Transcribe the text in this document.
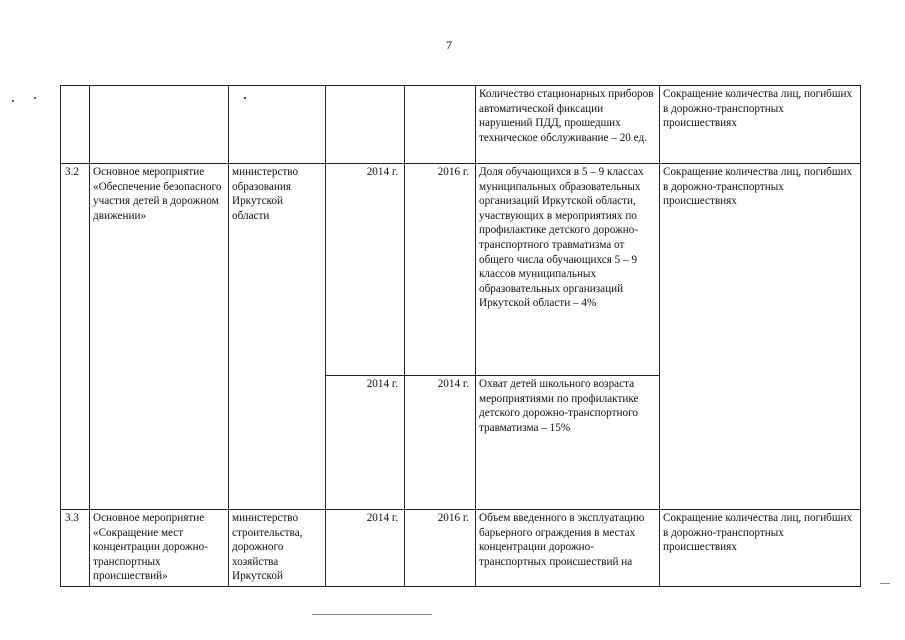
7
					Количество стационарных приборов автоматической фиксации нарушений ПДД, прошедших техническое обслуживание – 20 ед.	Сокращение количества лиц, погибших в дорожно-транспортных происшествиях
3.2	Основное мероприятие «Обеспечение безопасного участия детей в дорожном движении»	министерство образования Иркутской области	2014 г.	2016 г.	Доля обучающихся в 5 – 9 классах муниципальных образовательных организаций Иркутской области, участвующих в мероприятиях по профилактике детского дорожно-транспортного травматизма от общего числа обучающихся 5 – 9 классов муниципальных образовательных организаций Иркутской области – 4%	Сокращение количества лиц, погибших в дорожно-транспортных происшествиях
			2014 г.	2014 г.	Охват детей школьного возраста мероприятиями по профилактике детского дорожно-транспортного травматизма – 15%	
3.3	Основное мероприятие «Сокращение мест концентрации дорожно-транспортных происшествий»	министерство строительства, дорожного хозяйства Иркутской	2014 г.	2016 г.	Объем введенного в эксплуатацию барьерного ограждения в местах концентрации дорожно-транспортных происшествий на	Сокращение количества лиц, погибших в дорожно-транспортных происшествиях
